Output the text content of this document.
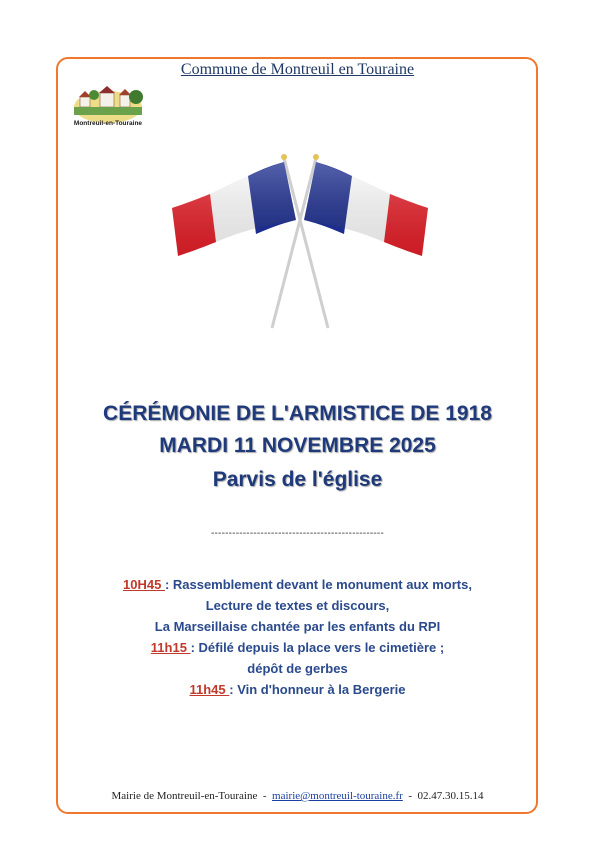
Commune de Montreuil en Touraine
Montreuil-en-Touraine
CÉRÉMONIE DE L'ARMISTICE DE 1918
MARDI 11 NOVEMBRE 2025
Parvis de l'église
-------------------------------------------------
10H45 : Rassemblement devant le monument aux morts,
Lecture de textes et discours,
La Marseillaise chantée par les enfants du RPI
11h15 : Défilé depuis la place vers le cimetière ;
dépôt de gerbes
11h45 : Vin d'honneur à la Bergerie
Mairie de Montreuil-en-Touraine  -  mairie@montreuil-touraine.fr  -  02.47.30.15.14
